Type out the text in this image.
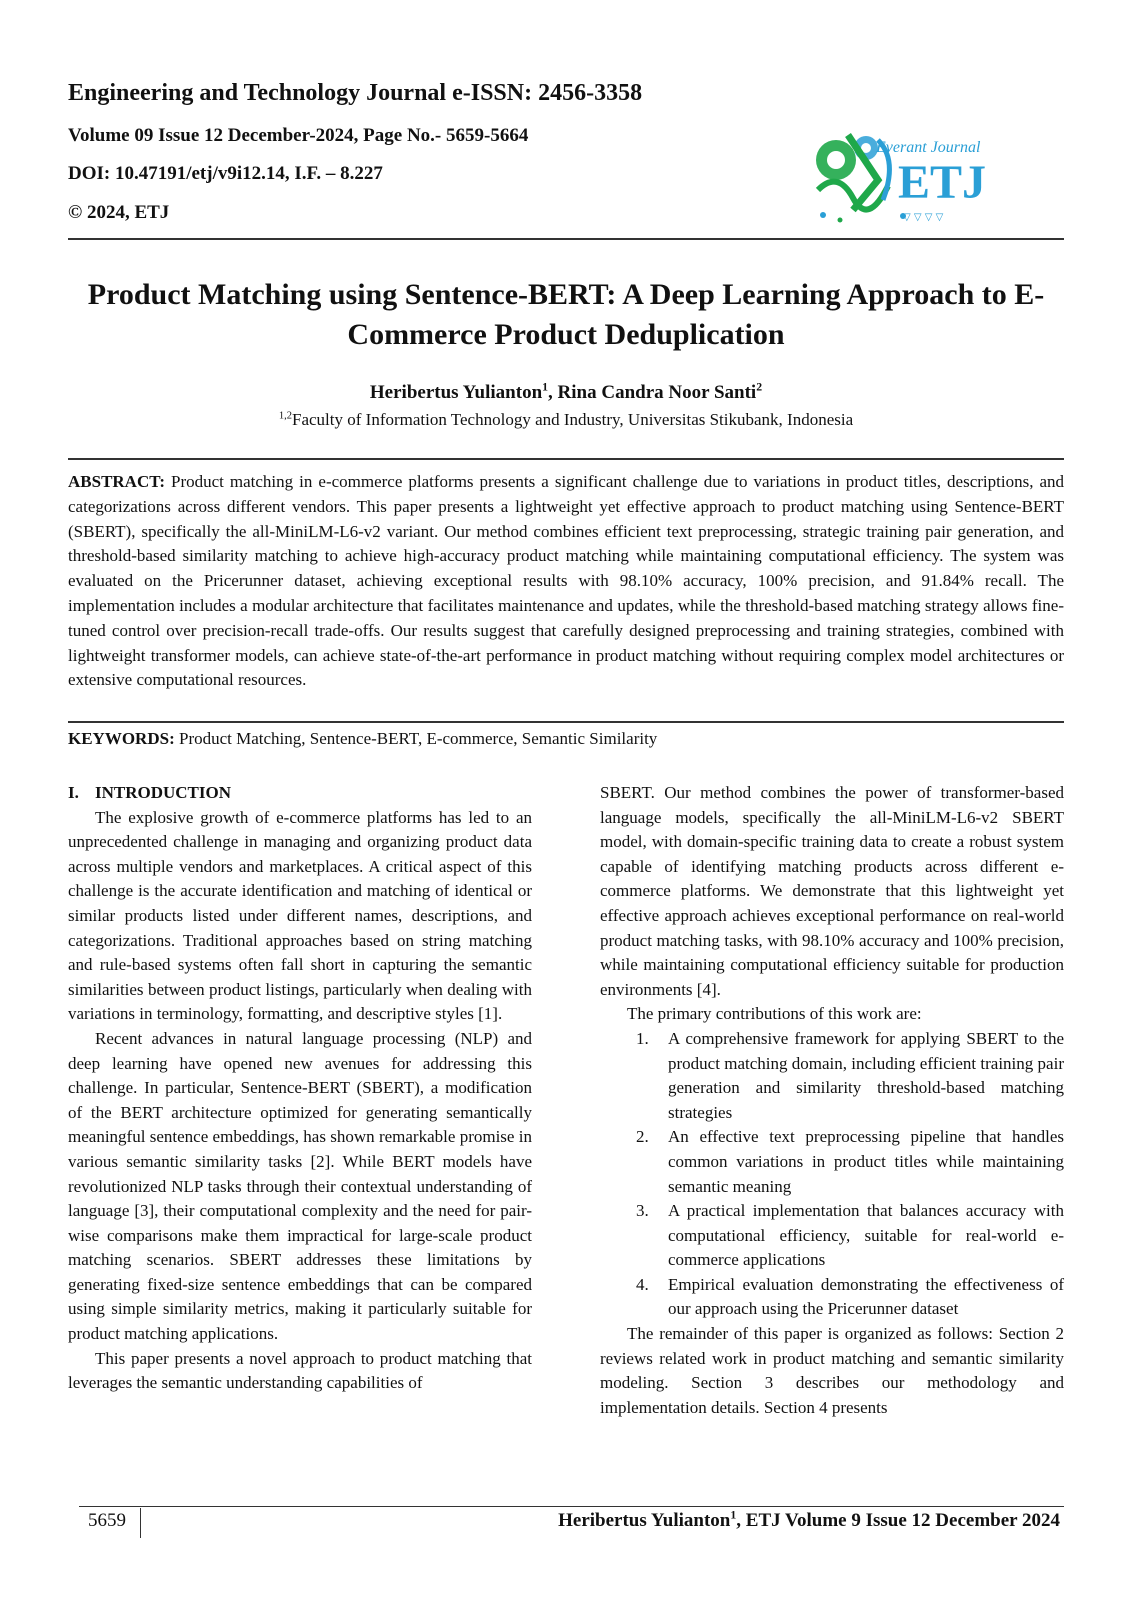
Engineering and Technology Journal e-ISSN: 2456-3358
Volume 09 Issue 12 December-2024, Page No.- 5659-5664
DOI: 10.47191/etj/v9i12.14, I.F. – 8.227
© 2024, ETJ
Everant Journal
ETJ
▽ ▽ ▽ ▽
Product Matching using Sentence-BERT: A Deep Learning Approach to E-Commerce Product Deduplication
Heribertus Yulianton$^1$, Rina Candra Noor Santi$^2$
$^{1,2}$Faculty of Information Technology and Industry, Universitas Stikubank, Indonesia
ABSTRACT: Product matching in e-commerce platforms presents a significant challenge due to variations in product titles, descriptions, and categorizations across different vendors. This paper presents a lightweight yet effective approach to product matching using Sentence-BERT (SBERT), specifically the all-MiniLM-L6-v2 variant. Our method combines efficient text preprocessing, strategic training pair generation, and threshold-based similarity matching to achieve high-accuracy product matching while maintaining computational efficiency. The system was evaluated on the Pricerunner dataset, achieving exceptional results with 98.10% accuracy, 100% precision, and 91.84% recall. The implementation includes a modular architecture that facilitates maintenance and updates, while the threshold-based matching strategy allows fine-tuned control over precision-recall trade-offs. Our results suggest that carefully designed preprocessing and training strategies, combined with lightweight transformer models, can achieve state-of-the-art performance in product matching without requiring complex model architectures or extensive computational resources.
KEYWORDS: Product Matching, Sentence-BERT, E-commerce, Semantic Similarity

I. INTRODUCTION

The explosive growth of e-commerce platforms has led to an unprecedented challenge in managing and organizing product data across multiple vendors and marketplaces. A critical aspect of this challenge is the accurate identification and matching of identical or similar products listed under different names, descriptions, and categorizations. Traditional approaches based on string matching and rule-based systems often fall short in capturing the semantic similarities between product listings, particularly when dealing with variations in terminology, formatting, and descriptive styles [1].

Recent advances in natural language processing (NLP) and deep learning have opened new avenues for addressing this challenge. In particular, Sentence-BERT (SBERT), a modification of the BERT architecture optimized for generating semantically meaningful sentence embeddings, has shown remarkable promise in various semantic similarity tasks [2]. While BERT models have revolutionized NLP tasks through their contextual understanding of language [3], their computational complexity and the need for pair-wise comparisons make them impractical for large-scale product matching scenarios. SBERT addresses these limitations by generating fixed-size sentence embeddings that can be compared using simple similarity metrics, making it particularly suitable for product matching applications.

This paper presents a novel approach to product matching that leverages the semantic understanding capabilities of

SBERT. Our method combines the power of transformer-based language models, specifically the all-MiniLM-L6-v2 SBERT model, with domain-specific training data to create a robust system capable of identifying matching products across different e-commerce platforms. We demonstrate that this lightweight yet effective approach achieves exceptional performance on real-world product matching tasks, with 98.10% accuracy and 100% precision, while maintaining computational efficiency suitable for production environments [4].

The primary contributions of this work are:

1. A comprehensive framework for applying SBERT to the product matching domain, including efficient training pair generation and similarity threshold-based matching strategies
2. An effective text preprocessing pipeline that handles common variations in product titles while maintaining semantic meaning
3. A practical implementation that balances accuracy with computational efficiency, suitable for real-world e-commerce applications
4. Empirical evaluation demonstrating the effectiveness of our approach using the Pricerunner dataset

The remainder of this paper is organized as follows: Section 2 reviews related work in product matching and semantic similarity modeling. Section 3 describes our methodology and implementation details. Section 4 presents

5659	Heribertus Yulianton$^1$, ETJ Volume 9 Issue 12 December 2024
